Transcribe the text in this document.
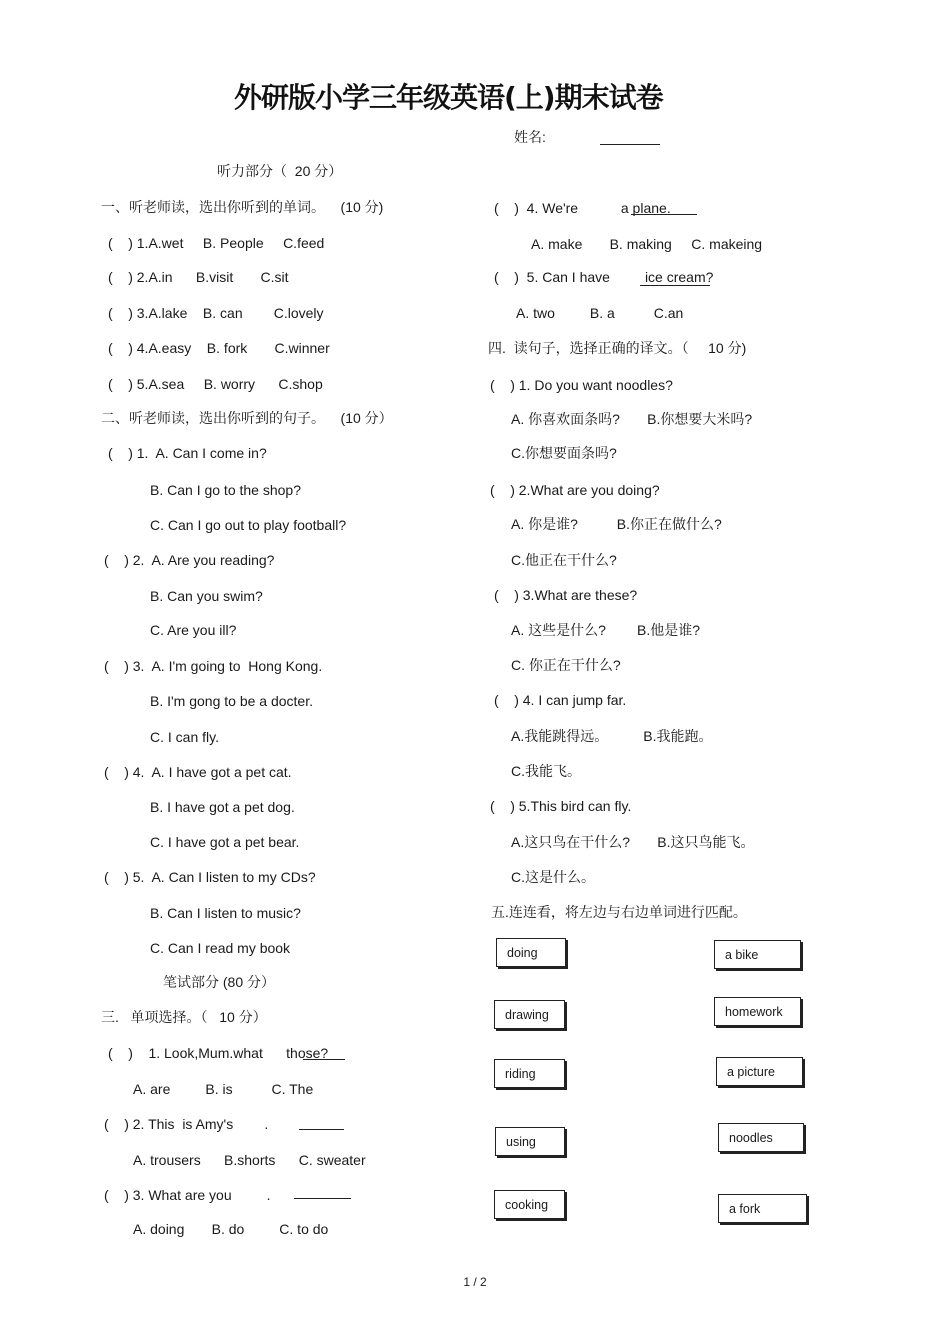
外研版小学三年级英语(上)期末试卷
姓名:
听力部分（  20 分）
一、听老师读，选出你听到的单词。    (10 分)
(    ) 1.A.wet     B. People     C.feed
(    ) 2.A.in      B.visit       C.sit
(    ) 3.A.lake    B. can        C.lovely
(    ) 4.A.easy    B. fork       C.winner
(    ) 5.A.sea     B. worry      C.shop
二、听老师读，选出你听到的句子。    (10 分）
(    ) 1.  A. Can I come in?
B. Can I go to the shop?
C. Can I go out to play football?
(    ) 2.  A. Are you reading?
B. Can you swim?
C. Are you ill?
(    ) 3.  A. I'm going to  Hong Kong.
B. I'm gong to be a docter.
C. I can fly.
(    ) 4.  A. I have got a pet cat.
B. I have got a pet dog.
C. I have got a pet bear.
(    ) 5.  A. Can I listen to my CDs?
B. Can I listen to music?
C. Can I read my book
笔试部分 (80 分）
三.   单项选择。（   10 分）
(    )    1. Look,Mum.what      those?
A. are         B. is          C. The
(    ) 2. This  is Amy's        .
A. trousers      B.shorts      C. sweater
(    ) 3. What are you         .
A. doing       B. do         C. to do
(    )  4. We're           a plane.
A. make       B. making     C. makeing
(    )  5. Can I have         ice cream?
A. two         B. a          C.an
四.  读句子，选择正确的译文。（     10 分)
(    ) 1. Do you want noodles?
A. 你喜欢面条吗?       B.你想要大米吗?
C.你想要面条吗?
(    ) 2.What are you doing?
A. 你是谁?          B.你正在做什么?
C.他正在干什么?
(    ) 3.What are these?
A. 这些是什么?        B.他是谁?
C. 你正在干什么?
(    ) 4. I can jump far.
A.我能跳得远。         B.我能跑。
C.我能飞。
(    ) 5.This bird can fly.
A.这只鸟在干什么?       B.这只鸟能飞。
C.这是什么。
五.连连看，将左边与右边单词进行匹配。
doing
drawing
riding
using
cooking
a bike
homework
a picture
noodles
a fork
1 / 2
